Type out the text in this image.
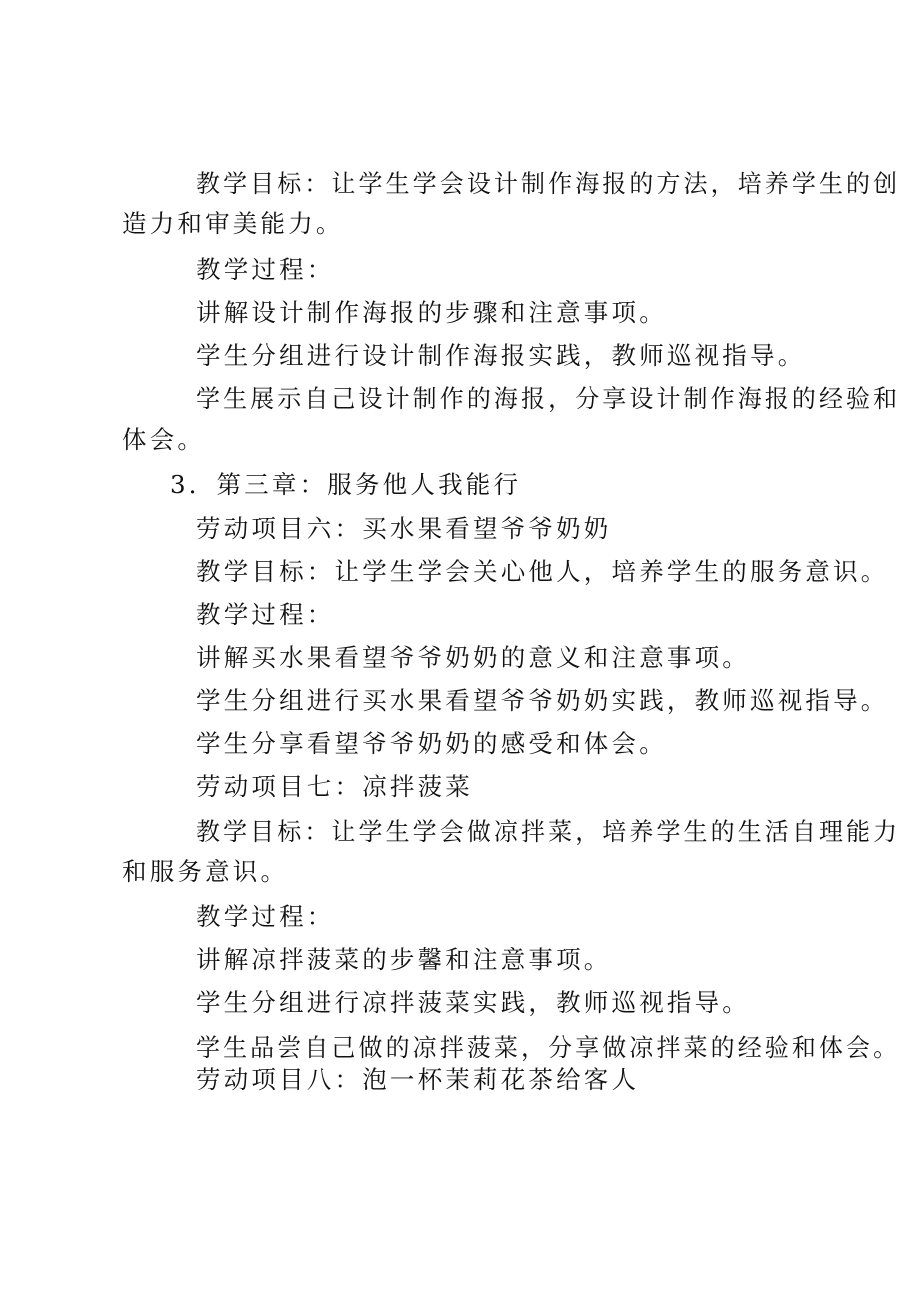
教学目标：让学生学会设计制作海报的方法，培养学生的创
造力和审美能力。
教学过程：
讲解设计制作海报的步骤和注意事项。
学生分组进行设计制作海报实践，教师巡视指导。
学生展示自己设计制作的海报，分享设计制作海报的经验和
体会。
3．第三章：服务他人我能行
劳动项目六：买水果看望爷爷奶奶
教学目标：让学生学会关心他人，培养学生的服务意识。
教学过程：
讲解买水果看望爷爷奶奶的意义和注意事项。
学生分组进行买水果看望爷爷奶奶实践，教师巡视指导。
学生分享看望爷爷奶奶的感受和体会。
劳动项目七：凉拌菠菜
教学目标：让学生学会做凉拌菜，培养学生的生活自理能力
和服务意识。
教学过程：
讲解凉拌菠菜的步馨和注意事项。
学生分组进行凉拌菠菜实践，教师巡视指导。
学生品尝自己做的凉拌菠菜，分享做凉拌菜的经验和体会。
劳动项目八：泡一杯茉莉花茶给客人
